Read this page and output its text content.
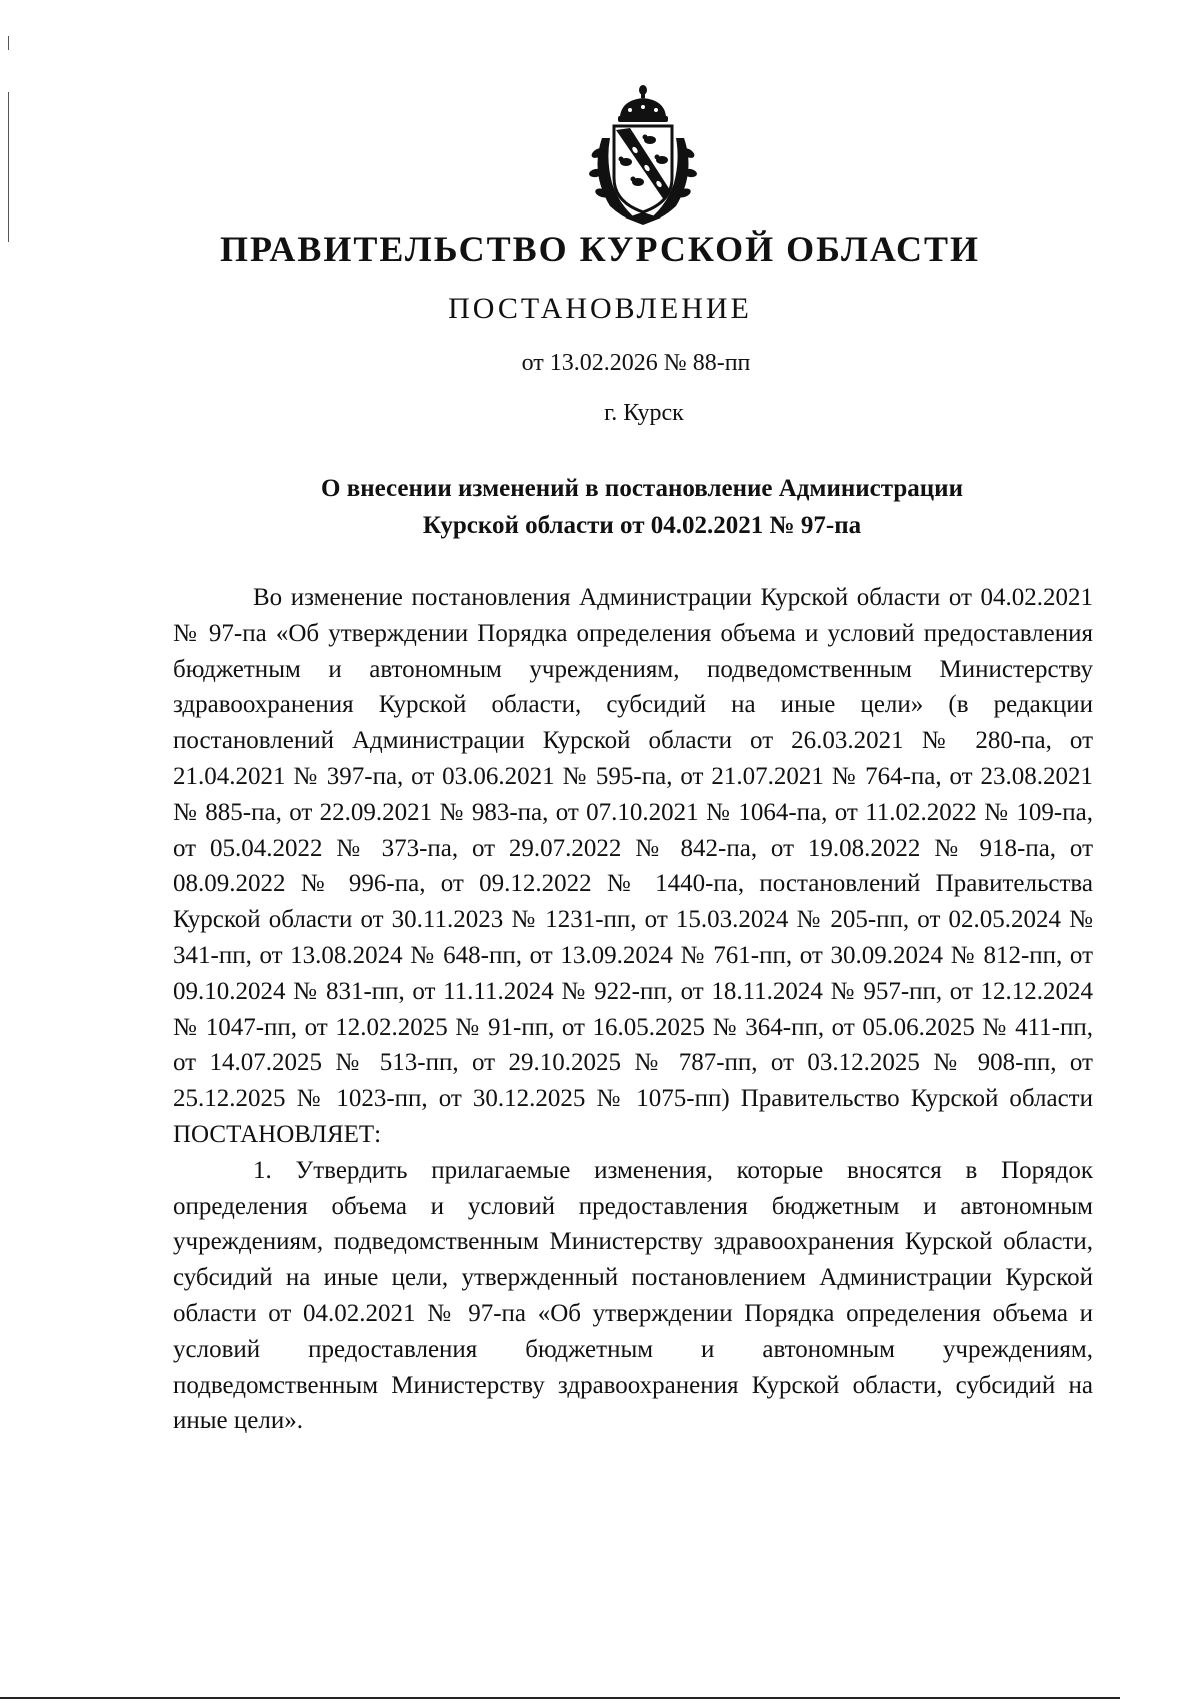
ПРАВИТЕЛЬСТВО КУРСКОЙ ОБЛАСТИ
ПОСТАНОВЛЕНИЕ
от 13.02.2026 № 88-пп
г. Курск
О внесении изменений в постановление Администрации
Курской области от 04.02.2021 № 97-па

Во изменение постановления Администрации Курской области от 04.02.2021 № 97-па «Об утверждении Порядка определения объема и условий предоставления бюджетным и автономным учреждениям, подведомственным Министерству здравоохранения Курской области, субсидий на иные цели» (в редакции постановлений Администрации Курской области от 26.03.2021 № 280-па, от 21.04.2021 № 397-па, от 03.06.2021 № 595-па, от 21.07.2021 № 764-па, от 23.08.2021 № 885-па, от 22.09.2021 № 983-па, от 07.10.2021 № 1064-па, от 11.02.2022 № 109-па, от 05.04.2022 № 373-па, от 29.07.2022 № 842-па, от 19.08.2022 № 918-па, от 08.09.2022 № 996-па, от 09.12.2022 № 1440-па, постановлений Правительства Курской области от 30.11.2023 № 1231-пп, от 15.03.2024 № 205-пп, от 02.05.2024 № 341-пп, от 13.08.2024 № 648-пп, от 13.09.2024 № 761-пп, от 30.09.2024 № 812-пп, от 09.10.2024 № 831-пп, от 11.11.2024 № 922-пп, от 18.11.2024 № 957-пп, от 12.12.2024 № 1047-пп, от 12.02.2025 № 91-пп, от 16.05.2025 № 364-пп, от 05.06.2025 № 411-пп, от 14.07.2025 № 513-пп, от 29.10.2025 № 787-пп, от 03.12.2025 № 908-пп, от 25.12.2025 № 1023-пп, от 30.12.2025 № 1075-пп) Правительство Курской области ПОСТАНОВЛЯЕТ:

1. Утвердить прилагаемые изменения, которые вносятся в Порядок определения объема и условий предоставления бюджетным и автономным учреждениям, подведомственным Министерству здравоохранения Курской области, субсидий на иные цели, утвержденный постановлением Администрации Курской области от 04.02.2021 № 97-па «Об утверждении Порядка определения объема и условий предоставления бюджетным и автономным учреждениям, подведомственным Министерству здравоохранения Курской области, субсидий на иные цели».
